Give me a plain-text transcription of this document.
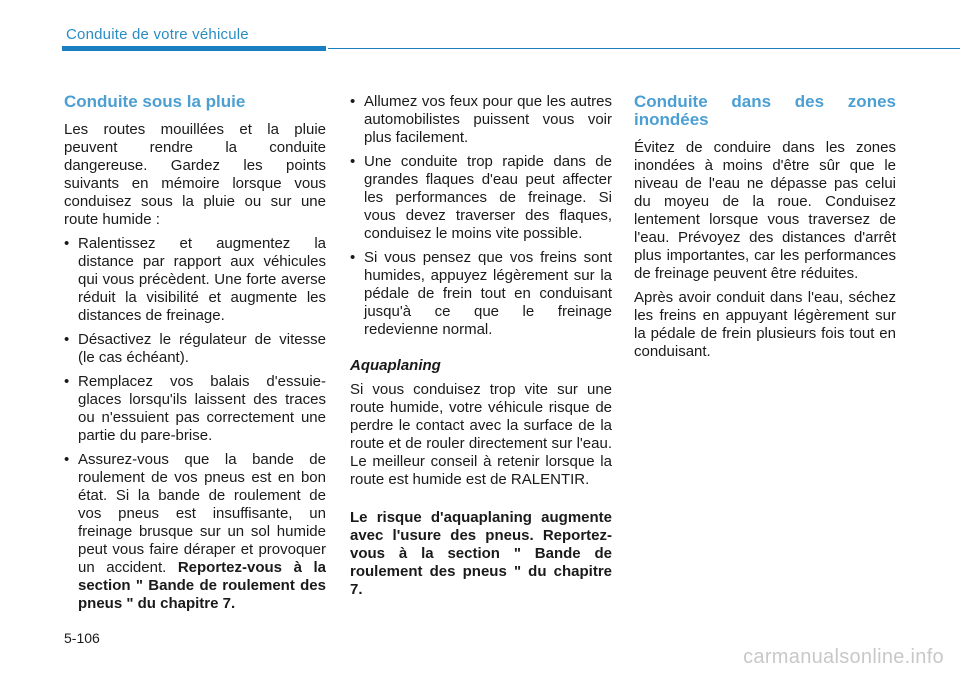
Conduite de votre véhicule
Conduite sous la pluie

Les routes mouillées et la pluie peuvent rendre la conduite dangereuse. Gardez les points suivants en mémoire lorsque vous conduisez sous la pluie ou sur une route humide :

• Ralentissez et augmentez la distance par rapport aux véhicules qui vous précèdent. Une forte averse réduit la visibilité et augmente les distances de freinage.
• Désactivez le régulateur de vitesse (le cas échéant).
• Remplacez vos balais d'essuie-glaces lorsqu'ils laissent des traces ou n'essuient pas correctement une partie du pare-brise.
• Assurez-vous que la bande de roulement de vos pneus est en bon état. Si la bande de roulement de vos pneus est insuffisante, un freinage brusque sur un sol humide peut vous faire déraper et provoquer un accident. Reportez-vous à la section " Bande de roulement des pneus " du chapitre 7.
• Allumez vos feux pour que les autres automobilistes puissent vous voir plus facilement.
• Une conduite trop rapide dans de grandes flaques d'eau peut affecter les performances de freinage. Si vous devez traverser des flaques, conduisez le moins vite possible.
• Si vous pensez que vos freins sont humides, appuyez légèrement sur la pédale de frein tout en conduisant jusqu'à ce que le freinage redevienne normal.
Aquaplaning

Si vous conduisez trop vite sur une route humide, votre véhicule risque de perdre le contact avec la surface de la route et de rouler directement sur l'eau. Le meilleur conseil à retenir lorsque la route est humide est de RALENTIR.

Le risque d'aquaplaning augmente avec l'usure des pneus. Reportez-vous à la section " Bande de roulement des pneus " du chapitre 7.

Conduite dans des zones inondées

Évitez de conduire dans les zones inondées à moins d'être sûr que le niveau de l'eau ne dépasse pas celui du moyeu de la roue. Conduisez lentement lorsque vous traversez de l'eau. Prévoyez des distances d'arrêt plus importantes, car les performances de freinage peuvent être réduites.

Après avoir conduit dans l'eau, séchez les freins en appuyant légèrement sur la pédale de frein plusieurs fois tout en conduisant.

5-106
carmanualsonline.info
